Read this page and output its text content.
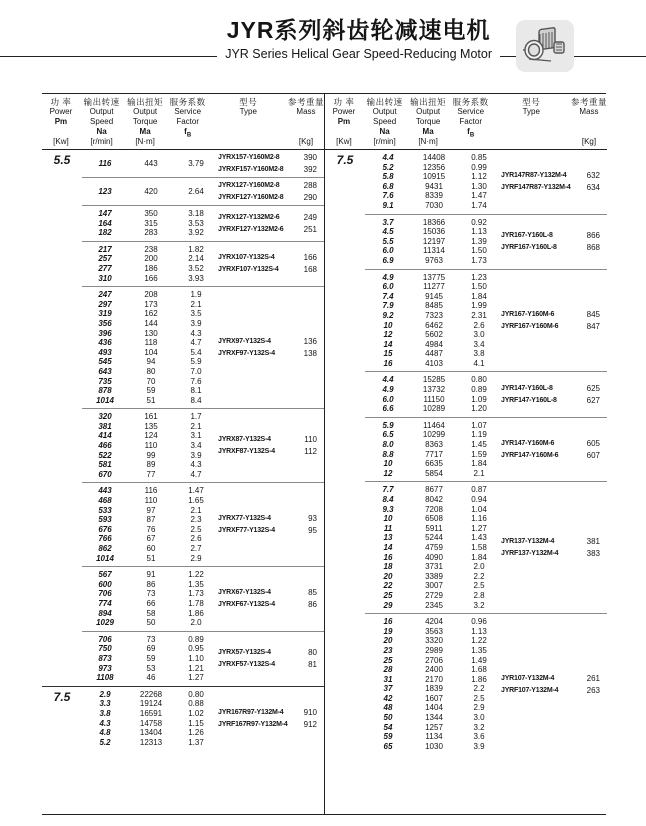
JYR系列斜齿轮减速电机
JYR Series Helical Gear Speed-Reducing Motor
功 率
Power
Pm
[Kw]
输出转速
Output
Speed
Na
[r/min]
输出扭矩
Output
Torque
Ma
[N·m]
服务系数
Service
Factor
$f_B$
型号
Type
参考重量
Mass
[Kg]
5.5	116	443	3.79
JYRX157-Y160M2-8	390
JYRXF157-Y160M2-8	392
123	420	2.64
JYRX127-Y160M2-8	288
JYRXF127-Y160M2-8	290
147	350	3.18
164	315	3.53
182	283	3.92
JYRX127-Y132M2-6	249
JYRXF127-Y132M2-6	251
217	238	1.82
257	200	2.14
277	186	3.52
310	166	3.93
JYRX107-Y132S-4	166
JYRXF107-Y132S-4	168
247	208	1.9
297	173	2.1
319	162	3.5
356	144	3.9
396	130	4.3
436	118	4.7
493	104	5.4
545	94	5.9
643	80	7.0
735	70	7.6
878	59	8.1
1014	51	8.4
JYRX97-Y132S-4	136
JYRXF97-Y132S-4	138
320	161	1.7
381	135	2.1
414	124	3.1
466	110	3.4
522	99	3.9
581	89	4.3
670	77	4.7
JYRX87-Y132S-4	110
JYRXF87-Y132S-4	112
443	116	1.47
468	110	1.65
533	97	2.1
593	87	2.3
676	76	2.5
766	67	2.6
862	60	2.7
1014	51	2.9
JYRX77-Y132S-4	93
JYRXF77-Y132S-4	95
567	91	1.22
600	86	1.35
706	73	1.73
774	66	1.78
894	58	1.86
1029	50	2.0
JYRX67-Y132S-4	85
JYRXF67-Y132S-4	86
706	73	0.89
750	69	0.95
873	59	1.10
973	53	1.21
1108	46	1.27
JYRX57-Y132S-4	80
JYRXF57-Y132S-4	81
7.5	2.9	22268	0.80
3.3	19124	0.88
3.8	16591	1.02
4.3	14758	1.15
4.8	13404	1.26
5.2	12313	1.37
JYR167R97-Y132M-4	910
JYRF167R97-Y132M-4	912
功 率
Power
Pm
[Kw]
输出转速
Output
Speed
Na
[r/min]
输出扭矩
Output
Torque
Ma
[N·m]
服务系数
Service
Factor
$f_B$
型号
Type
参考重量
Mass
[Kg]
7.5	4.4	14408	0.85
5.2	12356	0.99
5.8	10915	1.12
6.8	9431	1.30
7.6	8339	1.47
9.1	7030	1.74
JYR147R87-Y132M-4	632
JYRF147R87-Y132M-4	634
3.7	18366	0.92
4.5	15036	1.13
5.5	12197	1.39
6.0	11314	1.50
6.9	9763	1.73
JYR167-Y160L-8	866
JYRF167-Y160L-8	868
4.9	13775	1.23
6.0	11277	1.50
7.4	9145	1.84
7.9	8485	1.99
9.2	7323	2.31
10	6462	2.6
12	5602	3.0
14	4984	3.4
15	4487	3.8
16	4103	4.1
JYR167-Y160M-6	845
JYRF167-Y160M-6	847
4.4	15285	0.80
4.9	13732	0.89
6.0	11150	1.09
6.6	10289	1.20
JYR147-Y160L-8	625
JYRF147-Y160L-8	627
5.9	11464	1.07
6.5	10299	1.19
8.0	8363	1.45
8.8	7717	1.59
10	6635	1.84
12	5854	2.1
JYR147-Y160M-6	605
JYRF147-Y160M-6	607
7.7	8677	0.87
8.4	8042	0.94
9.3	7208	1.04
10	6508	1.16
11	5911	1.27
13	5244	1.43
14	4759	1.58
16	4090	1.84
18	3731	2.0
20	3389	2.2
22	3007	2.5
25	2729	2.8
29	2345	3.2
JYR137-Y132M-4	381
JYRF137-Y132M-4	383
16	4204	0.96
19	3563	1.13
20	3320	1.22
23	2989	1.35
25	2706	1.49
28	2400	1.68
31	2170	1.86
37	1839	2.2
42	1607	2.5
48	1404	2.9
50	1344	3.0
54	1257	3.2
59	1134	3.6
65	1030	3.9
JYR107-Y132M-4	261
JYRF107-Y132M-4	263
